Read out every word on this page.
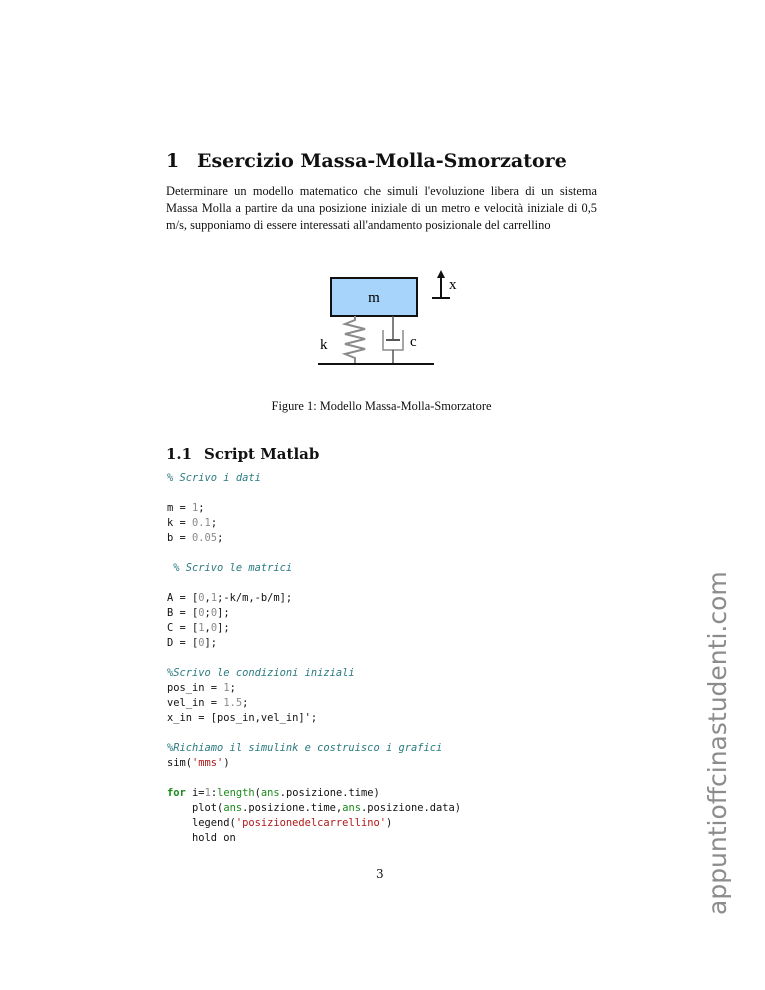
1 Esercizio Massa-Molla-Smorzatore

Determinare un modello matematico che simuli l'evoluzione libera di un sistema Massa Molla a partire da una posizione iniziale di un metro e velocità iniziale di 0,5 m/s, supponiamo di essere interessati all'andamento posizionale del carrellino

m
k	c
x

Figure 1: Modello Massa-Molla-Smorzatore

1.1 Script Matlab
% Scrivo i dati
m = 1;
k = 0.1;
b = 0.05;
% Scrivo le matrici
A = [0,1;-k/m,-b/m];
B = [0;0];
C = [1,0];
D = [0];
%Scrivo le condizioni iniziali
pos_in = 1;
vel_in = 1.5;
x_in = [pos_in,vel_in]';
%Richiamo il simulink e costruisco i grafici
sim('mms')
for i=1:length(ans.posizione.time)
plot(ans.posizione.time,ans.posizione.data)
legend('posizionedelcarrellino')
hold on

3	appuntioffcinastudenti.com
